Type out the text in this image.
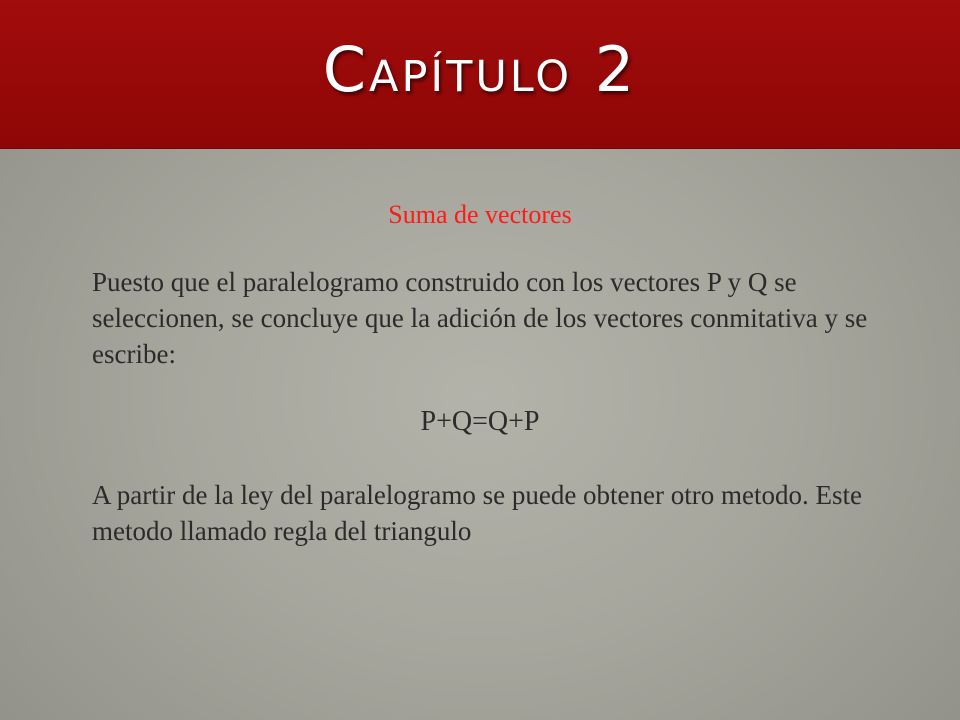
Capítulo 2

Suma de vectores

Puesto que el paralelogramo construido con los vectores P y Q se seleccionen, se concluye que la adición de los vectores conmitativa y se escribe:

P+Q=Q+P

A partir de la ley del paralelogramo se puede obtener otro metodo. Este metodo llamado regla del triangulo
